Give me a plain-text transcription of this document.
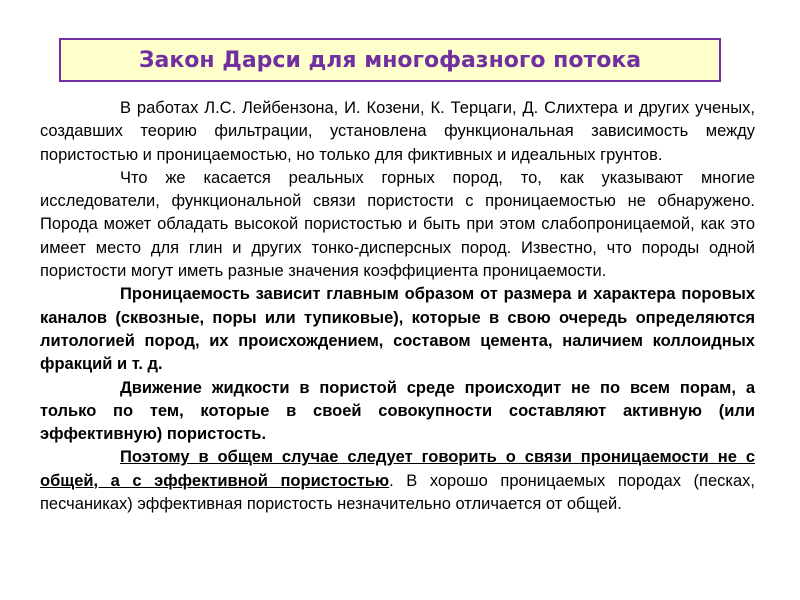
Закон Дарси для многофазного потока

В работах Л.С. Лейбензона, И. Козени, К. Терцаги, Д. Слихтера и других ученых, создавших теорию фильтрации, установлена функциональная зависимость между пористостью и проницаемостью, но только для фиктивных и идеальных грунтов.

Что же касается реальных горных пород, то, как указывают многие исследователи, функциональной связи пористости с проницаемостью не обнаружено. Порода может обладать высокой пористостью и быть при этом слабопроницаемой, как это имеет место для глин и других тонко-дисперсных пород. Известно, что породы одной пористости могут иметь разные значения коэффициента проницаемости.

Проницаемость зависит главным образом от размера и характера поровых каналов (сквозные, поры или тупиковые), которые в свою очередь определяются литологией пород, их происхождением, составом цемента, наличием коллоидных фракций и т. д.

Движение жидкости в пористой среде происходит не по всем порам, а только по тем, которые в своей совокупности составляют активную (или эффективную) пористость.

Поэтому в общем случае следует говорить о связи проницаемости не с общей, а с эффективной пористостью. В хорошо проницаемых породах (песках, песчаниках) эффективная пористость незначительно отличается от общей.
